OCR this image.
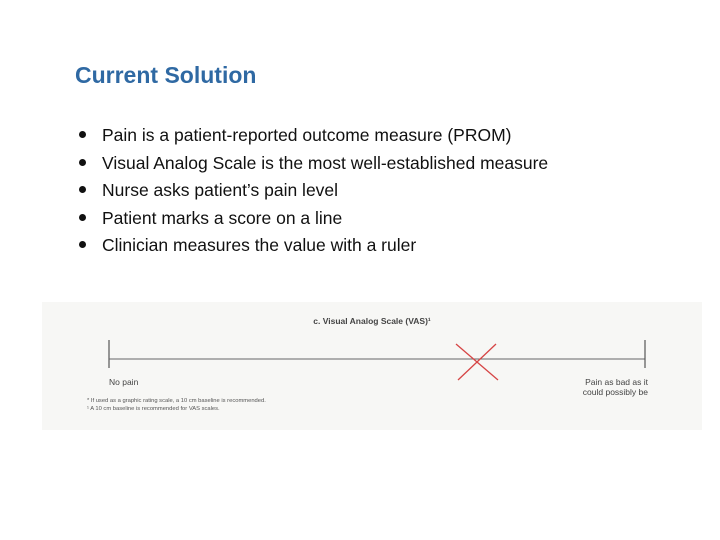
Current Solution
Pain is a patient-reported outcome measure (PROM)
Visual Analog Scale is the most well-established measure
Nurse asks patient’s pain level
Patient marks a score on a line
Clinician measures the value with a ruler
c. Visual Analog Scale (VAS)¹
No pain	Pain as bad as it
could possibly be
* If used as a graphic rating scale, a 10 cm baseline is recommended.
¹ A 10 cm baseline is recommended for VAS scales.
